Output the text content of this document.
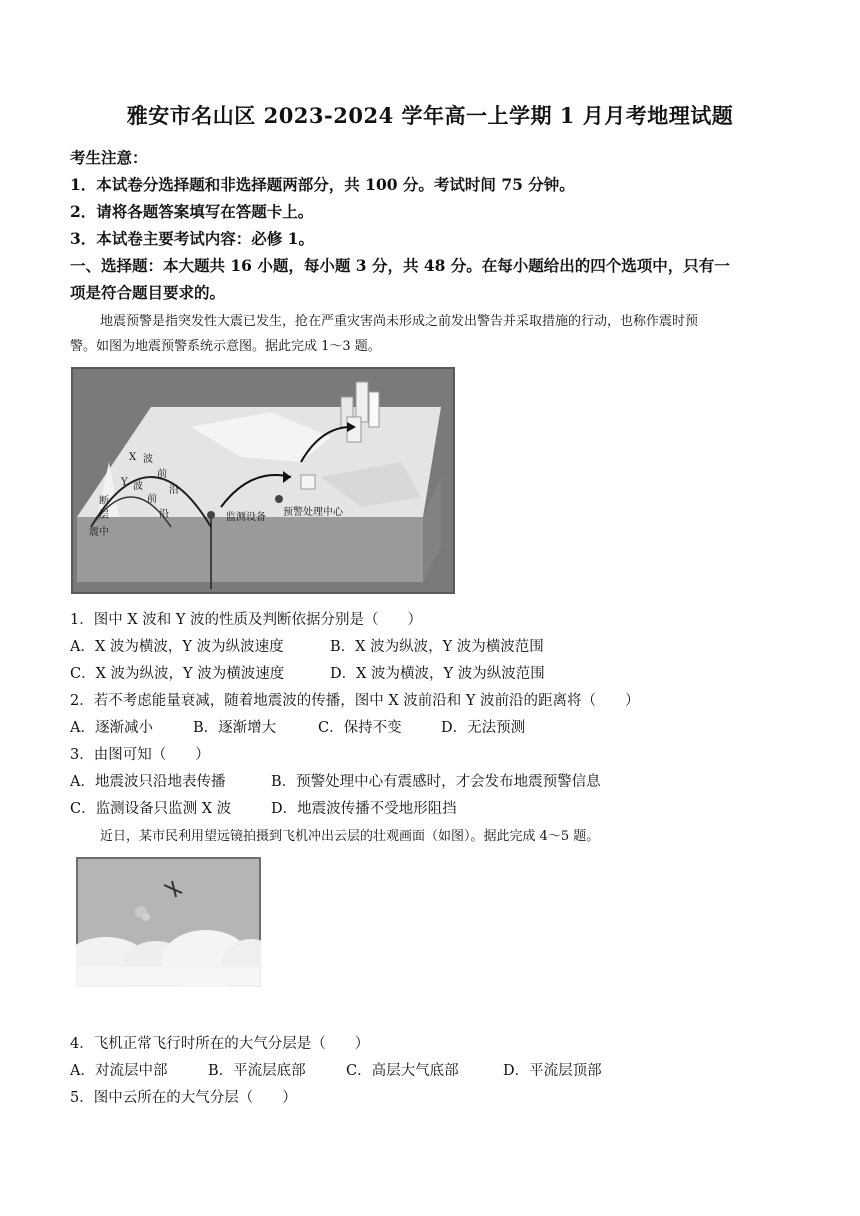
雅安市名山区 2023-2024 学年高一上学期 1 月月考地理试题
考生注意：
1．本试卷分选择题和非选择题两部分，共 100 分。考试时间 75 分钟。
2．请将各题答案填写在答题卡上。
3．本试卷主要考试内容：必修 1。
一、选择题：本大题共 16 小题，每小题 3 分，共 48 分。在每小题给出的四个选项中，只有一
项是符合题目要求的。
地震预警是指突发性大震已发生，抢在严重灾害尚未形成之前发出警告并采取措施的行动，也称作震时预
警。如图为地震预警系统示意图。据此完成 1～3 题。
X 波
前
沿
Y 波
前
沿
断
层
震中
监测设备 预警处理中心
1．图中 X 波和 Y 波的性质及判断依据分别是（　　）
A．X 波为横波，Y 波为纵波速度	B．X 波为纵波，Y 波为横波范围
C．X 波为纵波，Y 波为横波速度	D．X 波为横波，Y 波为纵波范围
2．若不考虑能量衰减，随着地震波的传播，图中 X 波前沿和 Y 波前沿的距离将（　　）
A．逐渐减小	B．逐渐增大	C．保持不变	D．无法预测
3．由图可知（　　）
A．地震波只沿地表传播	B．预警处理中心有震感时，才会发布地震预警信息
C．监测设备只监测 X 波	D．地震波传播不受地形阻挡
近日，某市民利用望远镜拍摄到飞机冲出云层的壮观画面（如图）。据此完成 4～5 题。
4．飞机正常飞行时所在的大气分层是（　　）
A．对流层中部	B．平流层底部	C．高层大气底部	D．平流层顶部
5．图中云所在的大气分层（　　）
